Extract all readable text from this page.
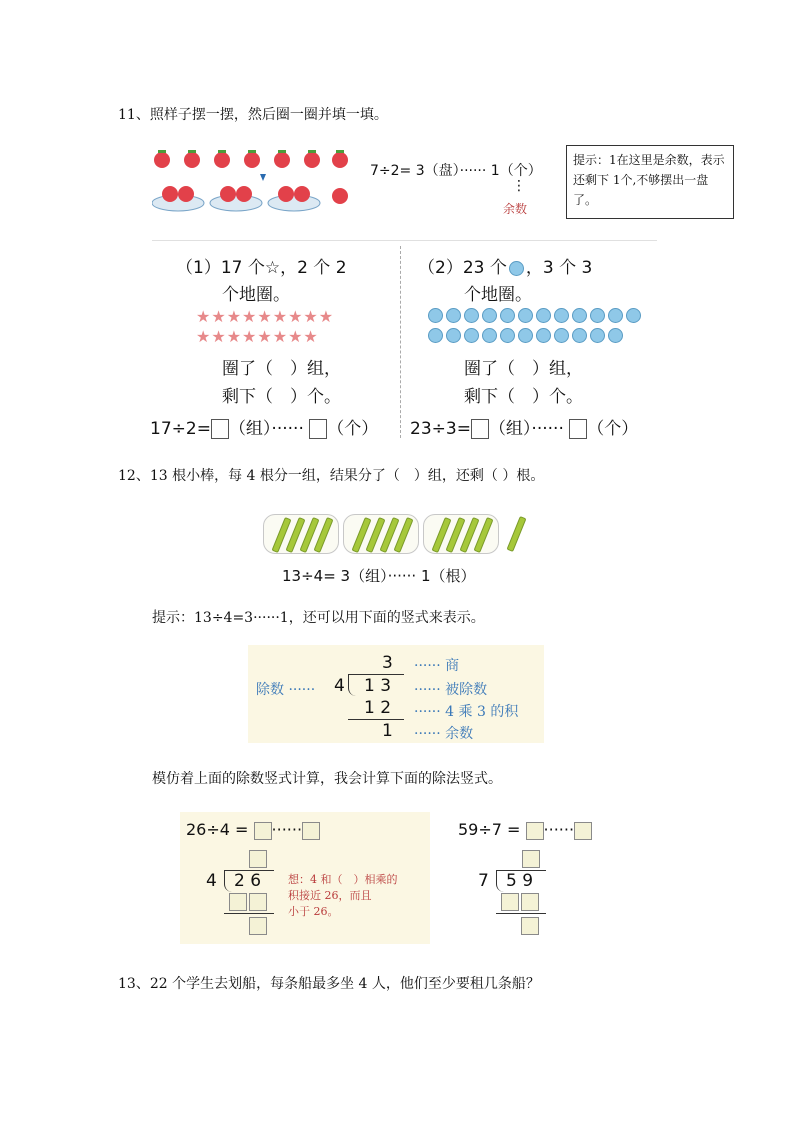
11、照样子摆一摆，然后圈一圈并填一填。
7÷2= 3（盘）······ 1（个）
⋮
余数
提示：1在这里是余数，表示还剩下 1个,不够摆出一盘了。
（1）17 个☆，2 个 2
个地圈。
★★★★★★★★★
★★★★★★★★
圈了（　）组，
剩下（　）个。
17÷2= （组）······ （个）
（2）23 个 ，3 个 3
个地圈。
圈了（　）组，
剩下（　）个。
23÷3= （组）······ （个）
12、13 根小棒，每 4 根分一组，结果分了（　）组，还剩（ ）根。
13÷4= 3（组）······ 1（根）
提示：13÷4=3······1，还可以用下面的竖式来表示。
3 ······ 商
除数 ······ 4 1 3 ······ 被除数
1 2 ······ 4 乘 3 的积
1 ······ 余数
模仿着上面的除数竖式计算，我会计算下面的除法竖式。
26÷4 = ······
4 2 6 想：4 和（　）相乘的
积接近 26，而且
小于 26。
59÷7 = ······
7 5 9
13、22 个学生去划船，每条船最多坐 4 人，他们至少要租几条船？
